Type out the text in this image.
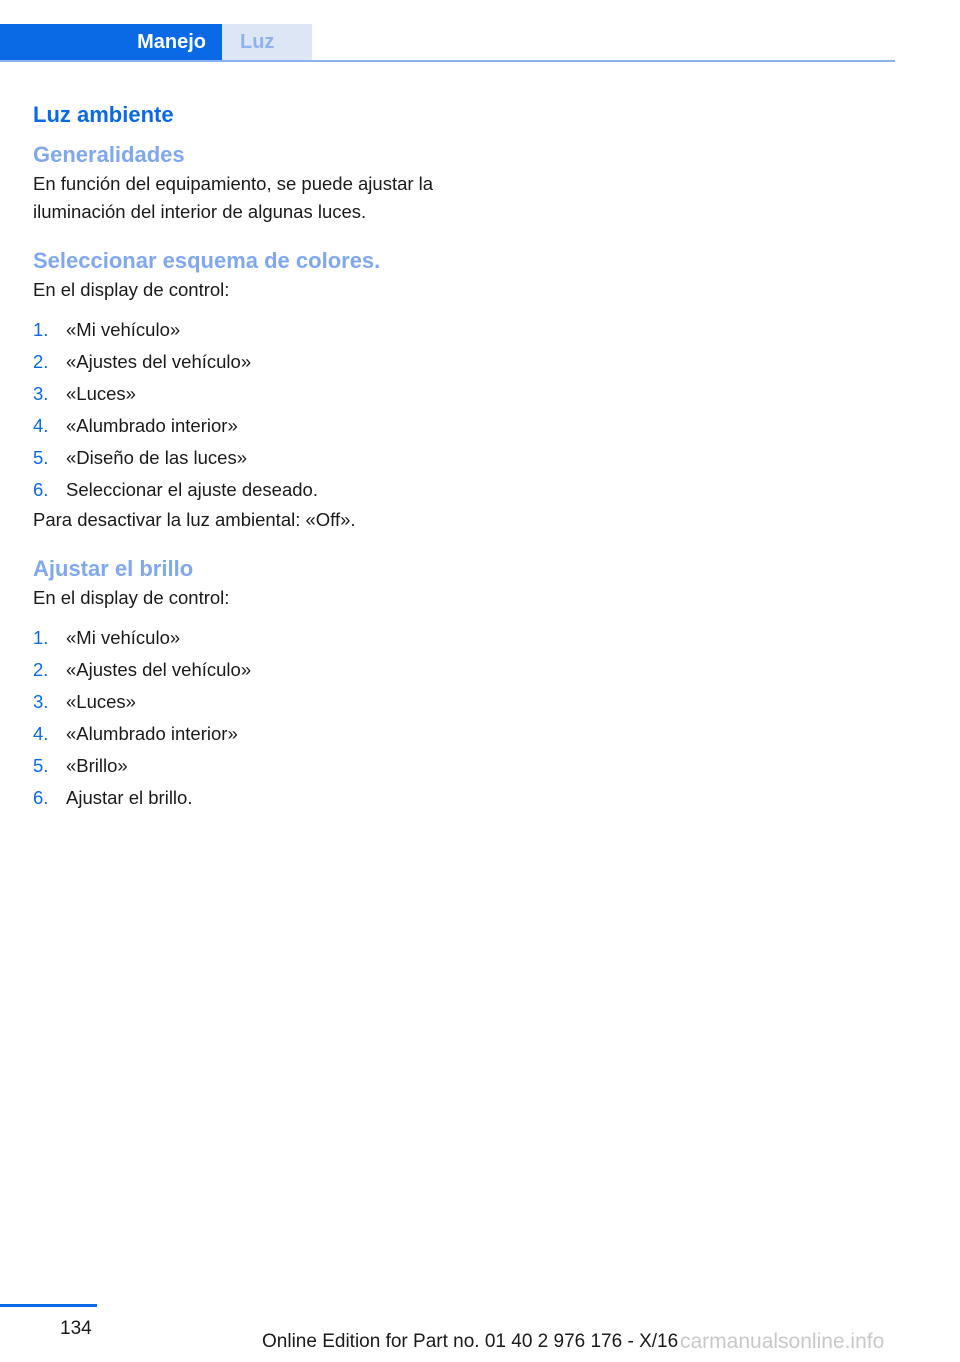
Manejo	Luz
Luz ambiente
Generalidades

En función del equipamiento, se puede ajustar la iluminación del interior de algunas luces.

Seleccionar esquema de colores.

En el display de control:

1. «Mi vehículo»
2. «Ajustes del vehículo»
3. «Luces»
4. «Alumbrado interior»
5. «Diseño de las luces»
6. Seleccionar el ajuste deseado.

Para desactivar la luz ambiental: «Off».

Ajustar el brillo

En el display de control:

1. «Mi vehículo»
2. «Ajustes del vehículo»
3. «Luces»
4. «Alumbrado interior»
5. «Brillo»
6. Ajustar el brillo.
134
Online Edition for Part no. 01 40 2 976 176 - X/16 carmanualsonline.info
